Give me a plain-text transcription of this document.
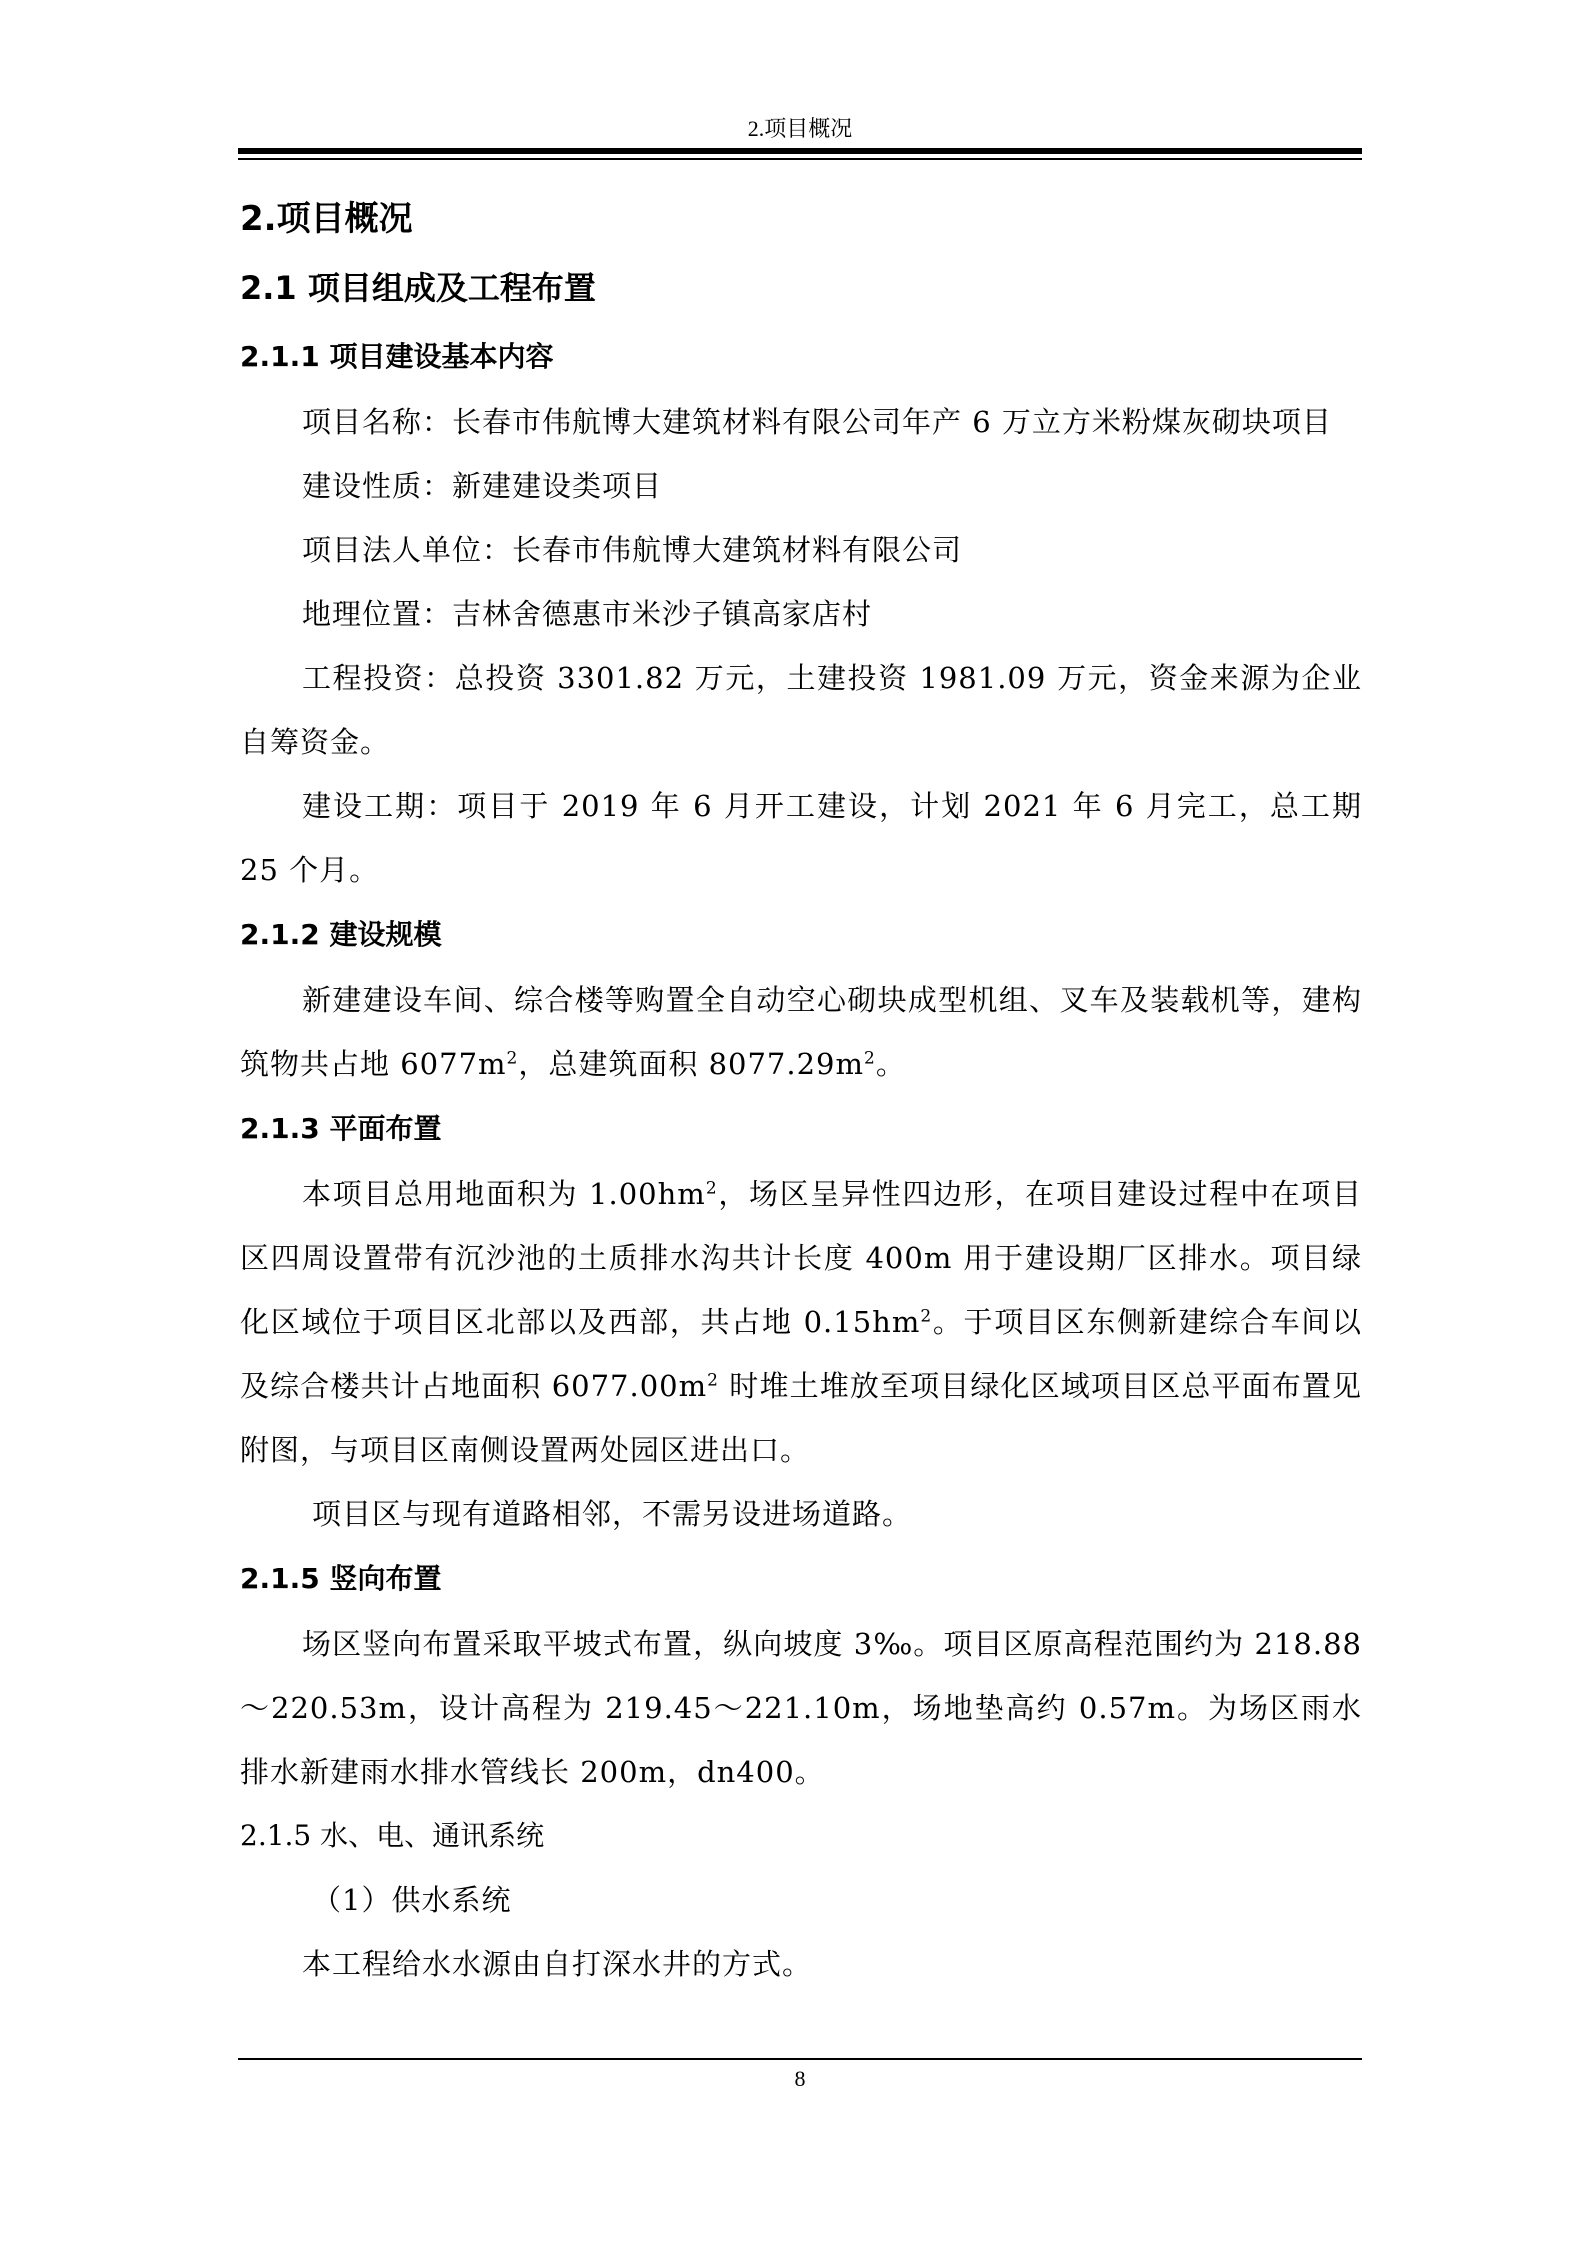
2.项目概况
2.项目概况
2.1 项目组成及工程布置
2.1.1 项目建设基本内容

项目名称：长春市伟航博大建筑材料有限公司年产 6 万立方米粉煤灰砌块项目

建设性质：新建建设类项目

项目法人单位：长春市伟航博大建筑材料有限公司

地理位置：吉林舍德惠市米沙子镇高家店村

工程投资：总投资 3301.82 万元，土建投资 1981.09 万元，资金来源为企业自筹资金。

建设工期：项目于 2019 年 6 月开工建设，计划 2021 年 6 月完工，总工期 25 个月。

2.1.2 建设规模

新建建设车间、综合楼等购置全自动空心砌块成型机组、叉车及装载机等，建构筑物共占地 $6077m^2$，总建筑面积 $8077.29m^2$。

2.1.3 平面布置

本项目总用地面积为 $1.00hm^2$，场区呈异性四边形，在项目建设过程中在项目区四周设置带有沉沙池的土质排水沟共计长度 400m 用于建设期厂区排水。项目绿化区域位于项目区北部以及西部，共占地 $0.15hm^2$。于项目区东侧新建综合车间以及综合楼共计占地面积 $6077.00m^2$ 时堆土堆放至项目绿化区域项目区总平面布置见附图，与项目区南侧设置两处园区进出口。

项目区与现有道路相邻，不需另设进场道路。

2.1.5 竖向布置

场区竖向布置采取平坡式布置，纵向坡度 3‰。项目区原高程范围约为 218.88～220.53m，设计高程为 219.45～221.10m，场地垫高约 0.57m。为场区雨水排水新建雨水排水管线长 200m，dn400。

2.1.5 水、电、通讯系统

（1）供水系统

本工程给水水源由自打深水井的方式。

8
